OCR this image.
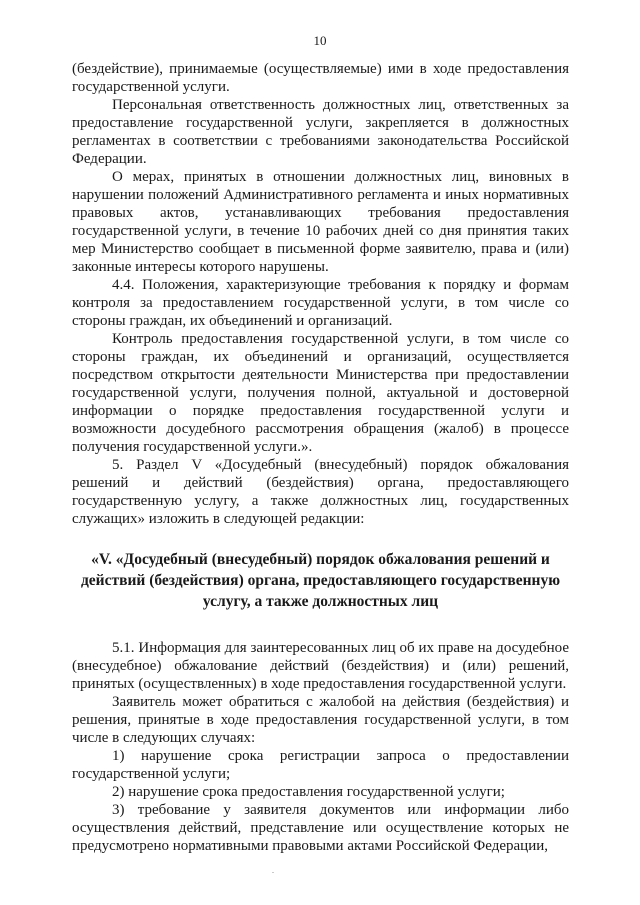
10

(бездействие), принимаемые (осуществляемые) ими в ходе предоставления государственной услуги.

Персональная ответственность должностных лиц, ответственных за предоставление государственной услуги, закрепляется в должностных регламентах в соответствии с требованиями законодательства Российской Федерации.

О мерах, принятых в отношении должностных лиц, виновных в нарушении положений Административного регламента и иных нормативных правовых актов, устанавливающих требования предоставления государственной услуги, в течение 10 рабочих дней со дня принятия таких мер Министерство сообщает в письменной форме заявителю, права и (или) законные интересы которого нарушены.

4.4. Положения, характеризующие требования к порядку и формам контроля за предоставлением государственной услуги, в том числе со стороны граждан, их объединений и организаций.

Контроль предоставления государственной услуги, в том числе со стороны граждан, их объединений и организаций, осуществляется посредством открытости деятельности Министерства при предоставлении государственной услуги, получения полной, актуальной и достоверной информации о порядке предоставления государственной услуги и возможности досудебного рассмотрения обращения (жалоб) в процессе получения государственной услуги.».

5. Раздел V «Досудебный (внесудебный) порядок обжалования решений и действий (бездействия) органа, предоставляющего государственную услугу, а также должностных лиц, государственных служащих» изложить в следующей редакции:

«V. «Досудебный (внесудебный) порядок обжалования решений и действий (бездействия) органа, предоставляющего государственную услугу, а также должностных лиц

5.1. Информация для заинтересованных лиц об их праве на досудебное (внесудебное) обжалование действий (бездействия) и (или) решений, принятых (осуществленных) в ходе предоставления государственной услуги.

Заявитель может обратиться с жалобой на действия (бездействия) и решения, принятые в ходе предоставления государственной услуги, в том числе в следующих случаях:

1) нарушение срока регистрации запроса о предоставлении государственной услуги;

2) нарушение срока предоставления государственной услуги;

3) требование у заявителя документов или информации либо осуществления действий, представление или осуществление которых не предусмотрено нормативными правовыми актами Российской Федерации,

.
